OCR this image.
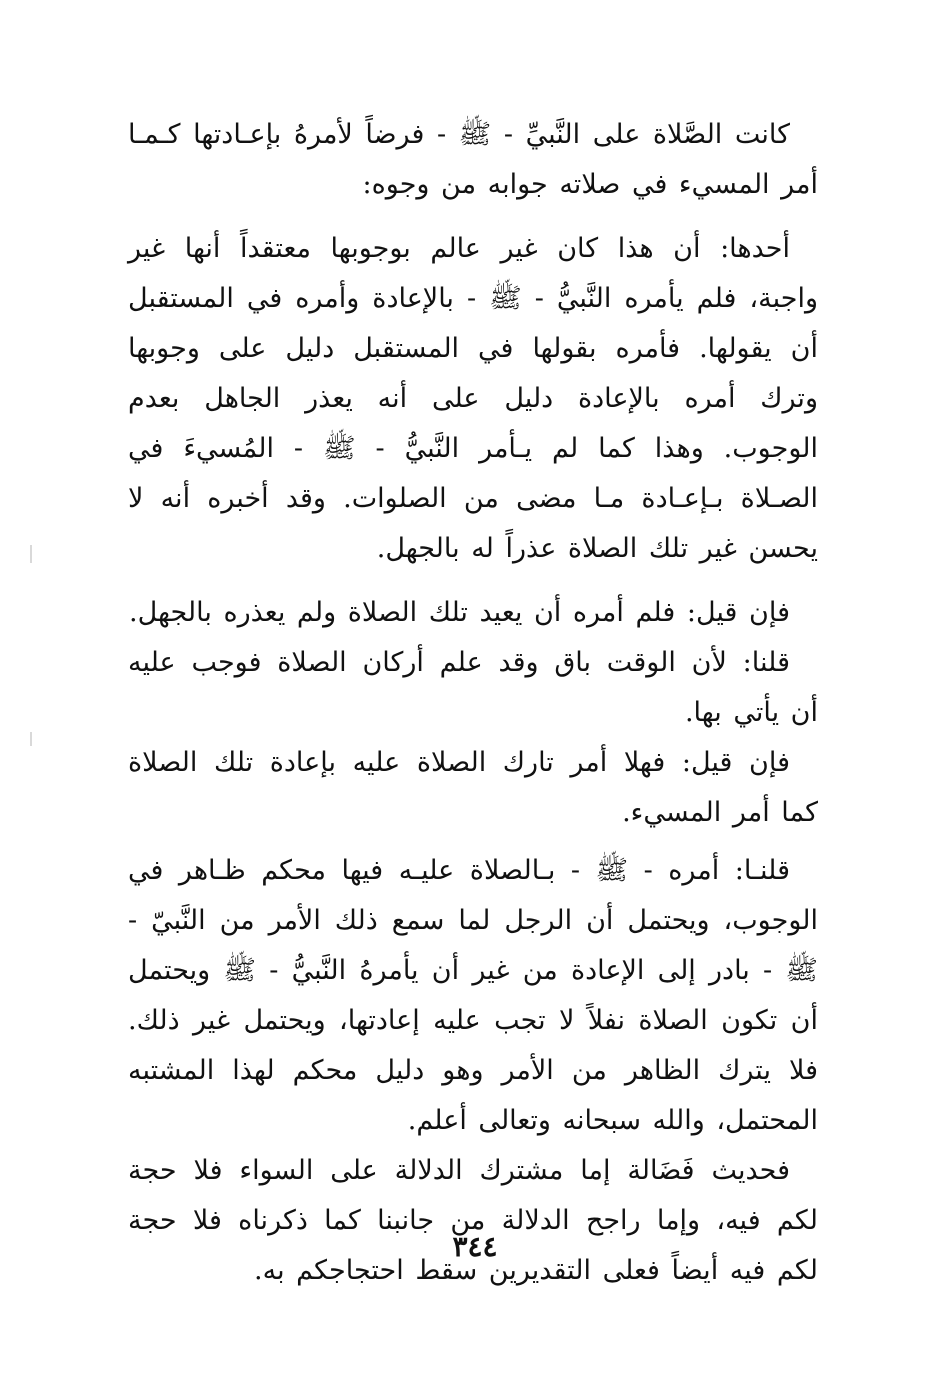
كانت الصَّلاة على النَّبيِّ - ﷺ - فرضاً لأمرهُ بإعـادتها كـمـا أمر المسيء في صلاته جوابه من وجوه:

أحدها: أن هذا كان غير عالم بوجوبها معتقداً أنها غير واجبة، فلم يأمره النَّبيُّ - ﷺ - بالإعادة وأمره في المستقبل أن يقولها. فأمره بقولها في المستقبل دليل على وجوبها وترك أمره بالإعادة دليل على أنه يعذر الجاهل بعدم الوجوب. وهذا كما لم يـأمر النَّبيُّ - ﷺ - المُسيءَ في الصـلاة بـإعـادة مـا مضى من الصلوات. وقد أخبره أنه لا يحسن غير تلك الصلاة عذراً له بالجهل.

فإن قيل: فلم أمره أن يعيد تلك الصلاة ولم يعذره بالجهل.

قلنا: لأن الوقت باق وقد علم أركان الصلاة فوجب عليه أن يأتي بها.

فإن قيل: فهلا أمر تارك الصلاة عليه بإعادة تلك الصلاة كما أمر المسيء.

قلنـا: أمره - ﷺ - بـالصلاة عليـه فيها محكم ظـاهر في الوجوب، ويحتمل أن الرجل لما سمع ذلك الأمر من النَّبيّ - ﷺ - بادر إلى الإعادة من غير أن يأمرهُ النَّبيُّ - ﷺ ويحتمل أن تكون الصلاة نفلاً لا تجب عليه إعادتها، ويحتمل غير ذلك. فلا يترك الظاهر من الأمر وهو دليل محكم لهذا المشتبه المحتمل، والله سبحانه وتعالى أعلم.

فحديث فَضَالة إما مشترك الدلالة على السواء فلا حجة لكم فيه، وإما راجح الدلالة من جانبنا كما ذكرناه فلا حجة لكم فيه أيضاً فعلى التقديرين سقط احتجاجكم به.

٣٤٤
